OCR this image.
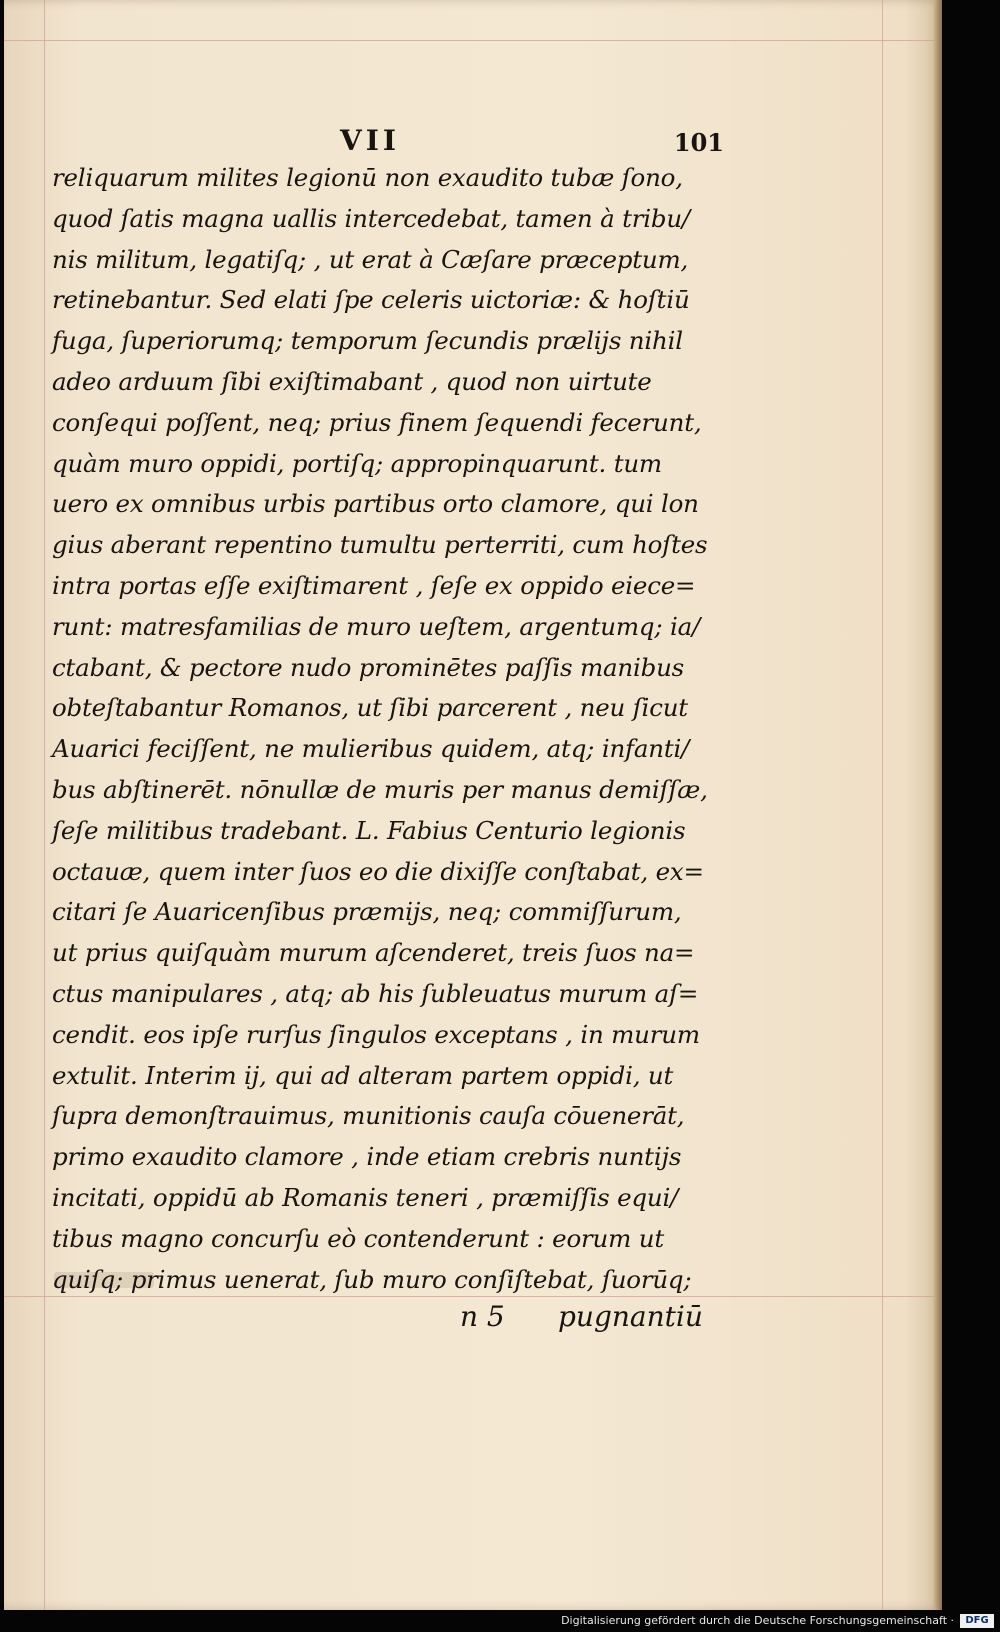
VII	101
reliquarum milites legionū non exaudito tubæ ſono,
quod ſatis magna uallis intercedebat, tamen à tribu/
nis militum, legatiſq; , ut erat à Cæſare præceptum,
retinebantur. Sed elati ſpe celeris uictoriæ: & hoſtiū
fuga, ſuperiorumq; temporum ſecundis prælijs nihil
adeo arduum ſibi exiſtimabant , quod non uirtute
conſequi poſſent, neq; prius finem ſequendi fecerunt,
quàm muro oppidi, portiſq; appropinquarunt. tum
uero ex omnibus urbis partibus orto clamore, qui lon
gius aberant repentino tumultu perterriti, cum hoſtes
intra portas eſſe exiſtimarent , ſeſe ex oppido eiece=
runt: matresfamilias de muro ueſtem, argentumq; ia/
ctabant, & pectore nudo prominētes paſſis manibus
obteſtabantur Romanos, ut ſibi parcerent , neu ſicut
Auarici feciſſent, ne mulieribus quidem, atq; infanti/
bus abſtinerēt. nōnullæ de muris per manus demiſſæ,
ſeſe militibus tradebant. L. Fabius Centurio legionis
octauæ, quem inter ſuos eo die dixiſſe conſtabat, ex=
citari ſe Auaricenſibus præmijs, neq; commiſſurum,
ut prius quiſquàm murum aſcenderet, treis ſuos na=
ctus manipulares , atq; ab his ſubleuatus murum aſ=
cendit. eos ipſe rurſus ſingulos exceptans , in murum
extulit. Interim ij, qui ad alteram partem oppidi, ut
ſupra demonſtrauimus, munitionis cauſa cōuenerāt,
primo exaudito clamore , inde etiam crebris nuntijs
incitati, oppidū ab Romanis teneri , præmiſſis equi/
tibus magno concurſu eò contenderunt : eorum ut
quiſq; primus uenerat, ſub muro conſiſtebat, ſuorūq;
n 5 pugnantiū
Digitalisierung gefördert durch die Deutsche Forschungsgemeinschaft ·	DFG
